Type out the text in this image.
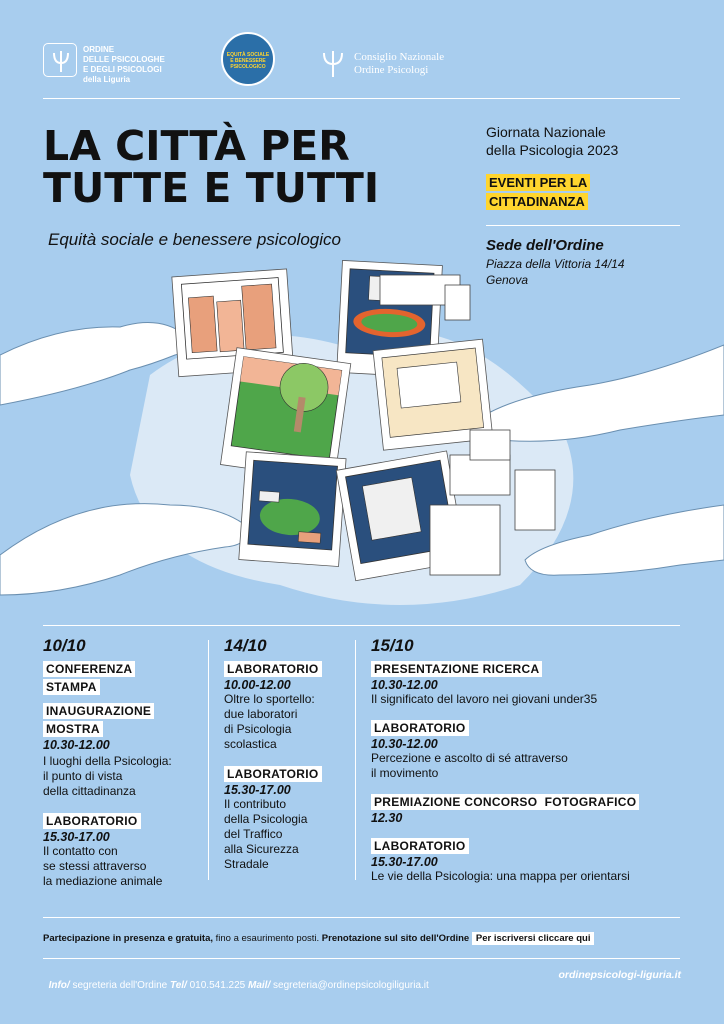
ORDINE
DELLE PSICOLOGHE
E DEGLI PSICOLOGI
della Liguria
EQUITÀ SOCIALE
E BENESSERE
PSICOLOGICO
Consiglio Nazionale
Ordine Psicologi
LA CITTÀ PER
TUTTE E TUTTI
Equità sociale e benessere psicologico
Giornata Nazionale
della Psicologia 2023
EVENTI PER LA
CITTADINANZA
Sede dell'Ordine
Piazza della Vittoria 14/14
Genova
10/10
CONFERENZA
STAMPA
INAUGURAZIONE
MOSTRA
10.30-12.00
I luoghi della Psicologia:
il punto di vista
della cittadinanza
LABORATORIO
15.30-17.00
Il contatto con
se stessi attraverso
la mediazione animale
14/10
LABORATORIO
10.00-12.00
Oltre lo sportello:
due laboratori
di Psicologia
scolastica
LABORATORIO
15.30-17.00
Il contributo
della Psicologia
del Traffico
alla Sicurezza
Stradale
15/10
PRESENTAZIONE RICERCA
10.30-12.00
Il significato del lavoro nei giovani under35
LABORATORIO
10.30-12.00
Percezione e ascolto di sé attraverso
il movimento
PREMIAZIONE CONCORSO  FOTOGRAFICO
12.30
LABORATORIO
15.30-17.00
Le vie della Psicologia: una mappa per orientarsi
Partecipazione in presenza e gratuita, fino a esaurimento posti. Prenotazione sul sito dell'Ordine Per iscriversi cliccare qui

Info/ segreteria dell'Ordine Tel/ 010.541.225 Mail/ segreteria@ordinepsicologiliguria.it

ordinepsicologi-liguria.it
